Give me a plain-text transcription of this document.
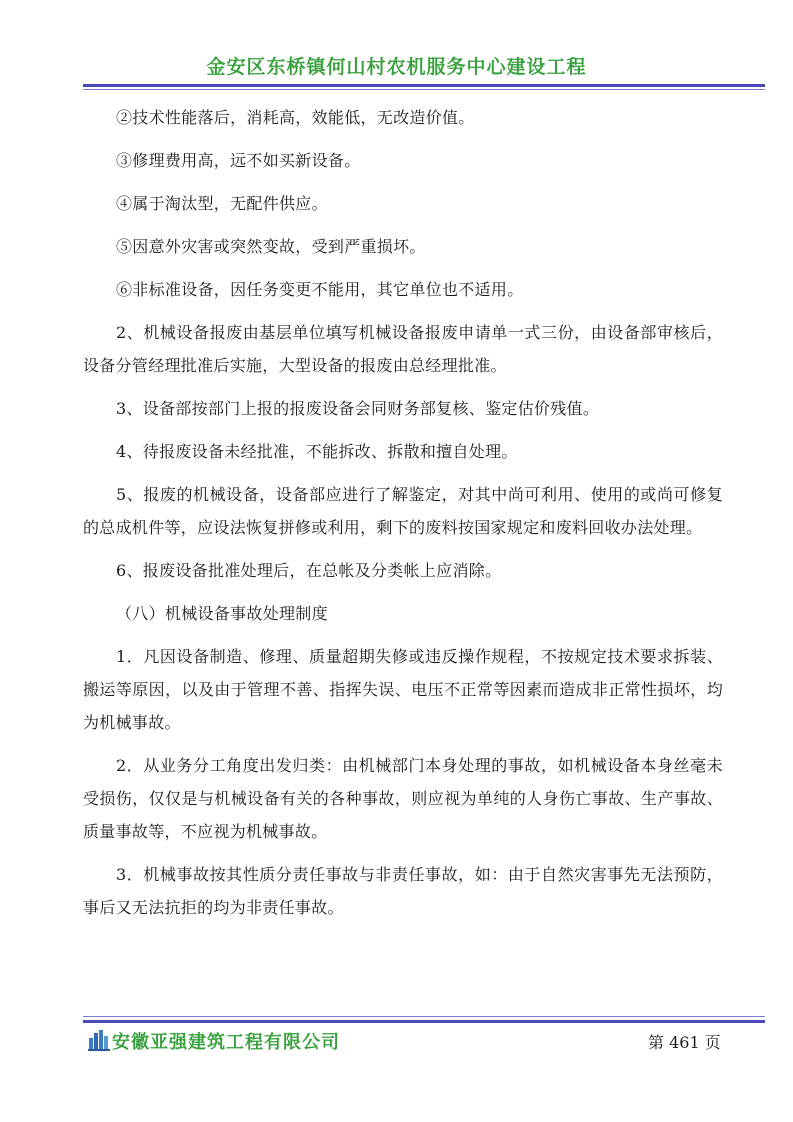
金安区东桥镇何山村农机服务中心建设工程

②技术性能落后，消耗高，效能低，无改造价值。

③修理费用高，远不如买新设备。

④属于淘汰型，无配件供应。

⑤因意外灾害或突然变故，受到严重损坏。

⑥非标准设备，因任务变更不能用，其它单位也不适用。

2、机械设备报废由基层单位填写机械设备报废申请单一式三份，由设备部审核后，设备分管经理批准后实施，大型设备的报废由总经理批准。

3、设备部按部门上报的报废设备会同财务部复核、鉴定估价残值。

4、待报废设备未经批准，不能拆改、拆散和擅自处理。

5、报废的机械设备，设备部应进行了解鉴定，对其中尚可利用、使用的或尚可修复的总成机件等，应设法恢复拼修或利用，剩下的废料按国家规定和废料回收办法处理。

6、报废设备批准处理后，在总帐及分类帐上应消除。

（八）机械设备事故处理制度

1．凡因设备制造、修理、质量超期失修或违反操作规程，不按规定技术要求拆装、搬运等原因，以及由于管理不善、指挥失误、电压不正常等因素而造成非正常性损坏，均为机械事故。

2．从业务分工角度出发归类：由机械部门本身处理的事故，如机械设备本身丝毫未受损伤，仅仅是与机械设备有关的各种事故，则应视为单纯的人身伤亡事故、生产事故、质量事故等，不应视为机械事故。

3．机械事故按其性质分责任事故与非责任事故，如：由于自然灾害事先无法预防，事后又无法抗拒的均为非责任事故。

安徽亚强建筑工程有限公司	第 461 页
